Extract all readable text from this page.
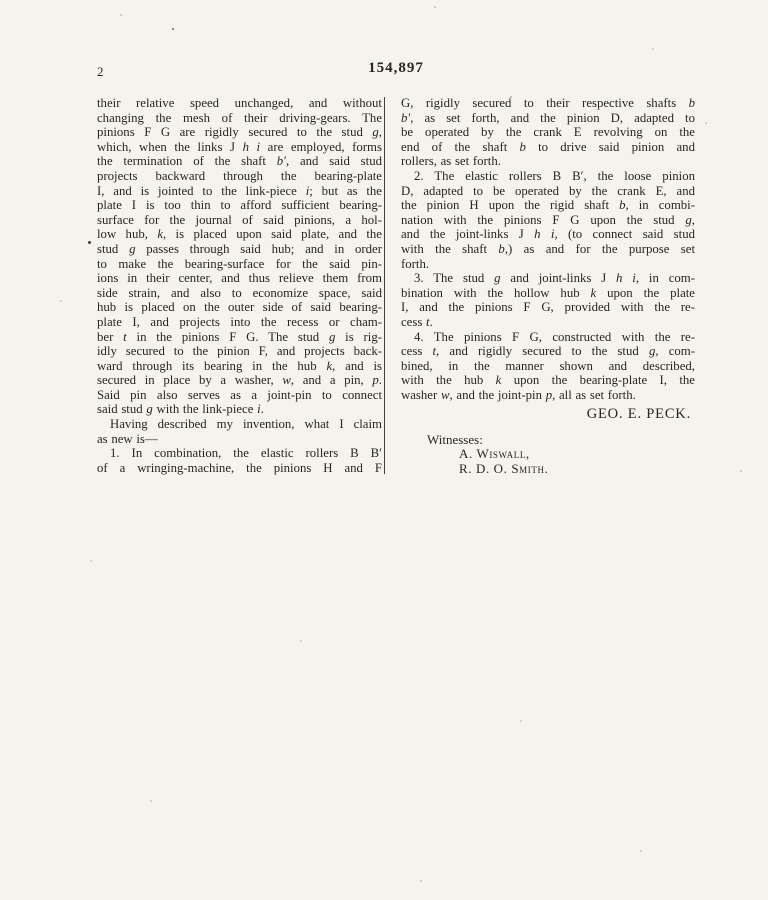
2	154,897
their relative speed unchanged, and without
changing the mesh of their driving-gears. The
pinions F G are rigidly secured to the stud g,
which, when the links J h i are employed, forms
the termination of the shaft b′, and said stud
projects backward through the bearing-plate
I, and is jointed to the link-piece i; but as the
plate I is too thin to afford sufficient bearing-
surface for the journal of said pinions, a hol-
low hub, k, is placed upon said plate, and the
stud g passes through said hub; and in order
to make the bearing-surface for the said pin-
ions in their center, and thus relieve them from
side strain, and also to economize space, said
hub is placed on the outer side of said bearing-
plate I, and projects into the recess or cham-
ber t in the pinions F G. The stud g is rig-
idly secured to the pinion F, and projects back-
ward through its bearing in the hub k, and is
secured in place by a washer, w, and a pin, p.
Said pin also serves as a joint-pin to connect
said stud g with the link-piece i.
Having described my invention, what I claim
as new is—
1. In combination, the elastic rollers B B′
of a wringing-machine, the pinions H and F
G, rigidly secured to their respective shafts b
b′, as set forth, and the pinion D, adapted to
be operated by the crank E revolving on the
end of the shaft b to drive said pinion and
rollers, as set forth.
2. The elastic rollers B B′, the loose pinion
D, adapted to be operated by the crank E, and
the pinion H upon the rigid shaft b, in combi-
nation with the pinions F G upon the stud g,
and the joint-links J h i, (to connect said stud
with the shaft b,) as and for the purpose set
forth.
3. The stud g and joint-links J h i, in com-
bination with the hollow hub k upon the plate
I, and the pinions F G, provided with the re-
cess t.
4. The pinions F G, constructed with the re-
cess t, and rigidly secured to the stud g, com-
bined, in the manner shown and described,
with the hub k upon the bearing-plate I, the
washer w, and the joint-pin p, all as set forth.
GEO. E. PECK.
Witnesses:
A. Wiswall,
R. D. O. Smith.
